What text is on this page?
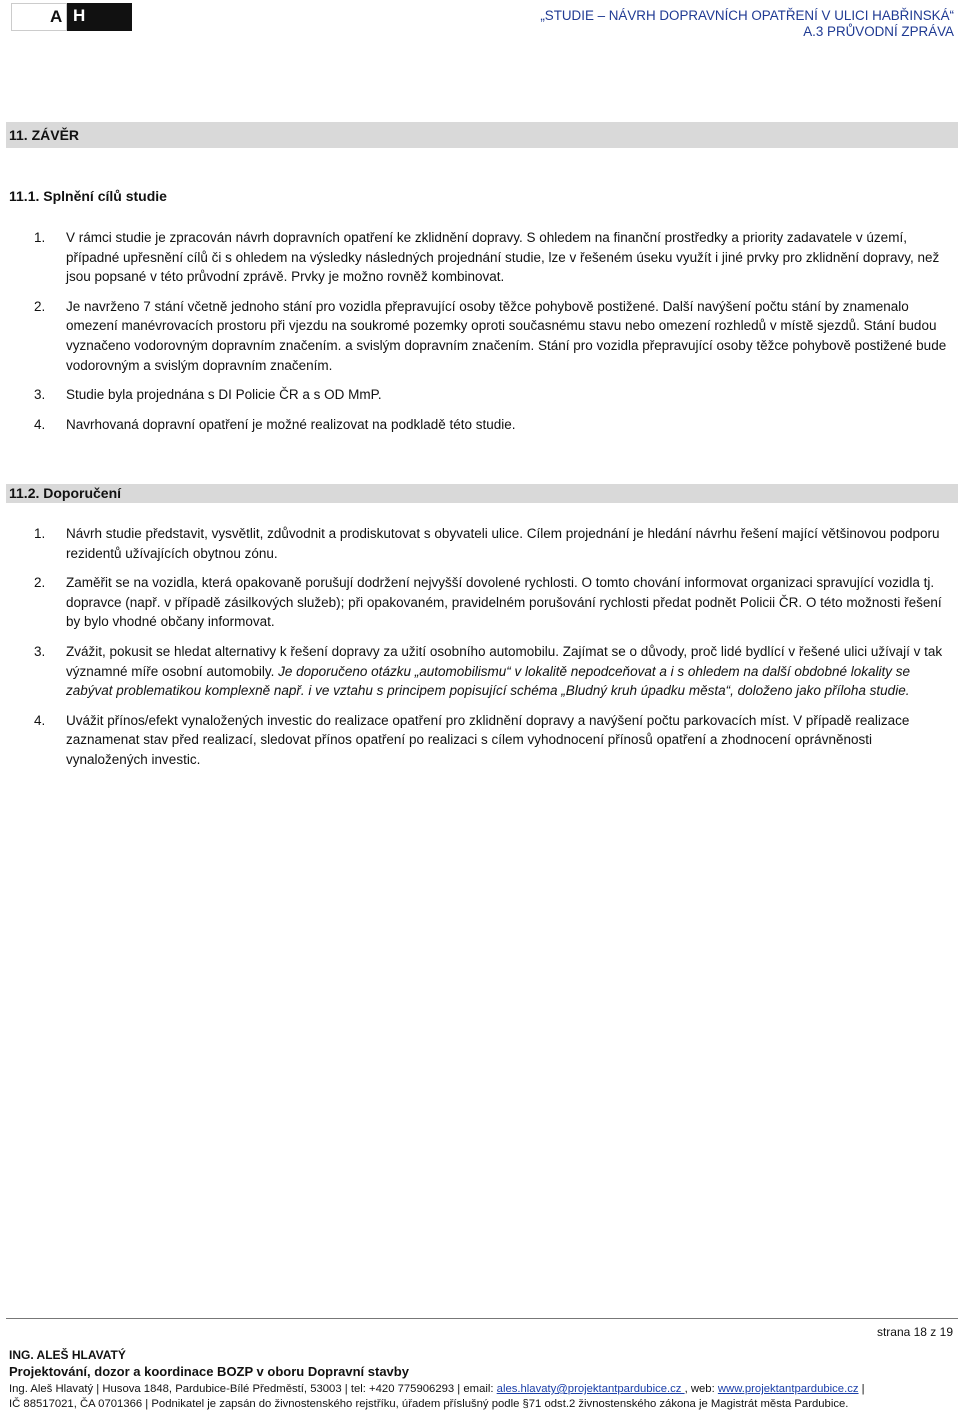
A H	„STUDIE – NÁVRH DOPRAVNÍCH OPATŘENÍ V ULICI HABŘINSKÁ“
A.3 PRŮVODNÍ ZPRÁVA
11. ZÁVĚR
11.1. Splnění cílů studie
1. V rámci studie je zpracován návrh dopravních opatření ke zklidnění dopravy. S ohledem na finanční prostředky a priority zadavatele v území, případné upřesnění cílů či s ohledem na výsledky následných projednání studie, lze v řešeném úseku využít i jiné prvky pro zklidnění dopravy, než jsou popsané v této průvodní zprávě. Prvky je možno rovněž kombinovat.
2. Je navrženo 7 stání včetně jednoho stání pro vozidla přepravující osoby těžce pohybově postižené. Další navýšení počtu stání by znamenalo omezení manévrovacích prostoru při vjezdu na soukromé pozemky oproti současnému stavu nebo omezení rozhledů v místě sjezdů. Stání budou vyznačeno vodorovným dopravním značením. a svislým dopravním značením. Stání pro vozidla přepravující osoby těžce pohybově postižené bude vodorovným a svislým dopravním značením.
3. Studie byla projednána s DI Policie ČR a s OD MmP.
4. Navrhovaná dopravní opatření je možné realizovat na podkladě této studie.
11.2. Doporučení
1. Návrh studie představit, vysvětlit, zdůvodnit a prodiskutovat s obyvateli ulice. Cílem projednání je hledání návrhu řešení mající většinovou podporu rezidentů užívajících obytnou zónu.
2. Zaměřit se na vozidla, která opakovaně porušují dodržení nejvyšší dovolené rychlosti. O tomto chování informovat organizaci spravující vozidla tj. dopravce (např. v případě zásilkových služeb); při opakovaném, pravidelném porušování rychlosti předat podnět Policii ČR. O této možnosti řešení by bylo vhodné občany informovat.
3. Zvážit, pokusit se hledat alternativy k řešení dopravy za užití osobního automobilu. Zajímat se o důvody, proč lidé bydlící v řešené ulici užívají v tak významné míře osobní automobily. Je doporučeno otázku „automobilismu“ v lokalitě nepodceňovat a i s ohledem na další obdobné lokality se zabývat problematikou komplexně např. i ve vztahu s principem popisující schéma „Bludný kruh úpadku města“, doloženo jako příloha studie.
4. Uvážit přínos/efekt vynaložených investic do realizace opatření pro zklidnění dopravy a navýšení počtu parkovacích míst. V případě realizace zaznamenat stav před realizací, sledovat přínos opatření po realizaci s cílem vyhodnocení přínosů opatření a zhodnocení oprávněnosti vynaložených investic.
strana 18 z 19
ING. ALEŠ HLAVATÝ
Projektování, dozor a koordinace BOZP v oboru Dopravní stavby
Ing. Aleš Hlavatý | Husova 1848, Pardubice-Bílé Předměstí, 53003 | tel: +420 775906293 | email: ales.hlavaty@projektantpardubice.cz , web: www.projektantpardubice.cz |
IČ 88517021, ČA 0701366 | Podnikatel je zapsán do živnostenského rejstříku, úřadem příslušný podle §71 odst.2 živnostenského zákona je Magistrát města Pardubice.
